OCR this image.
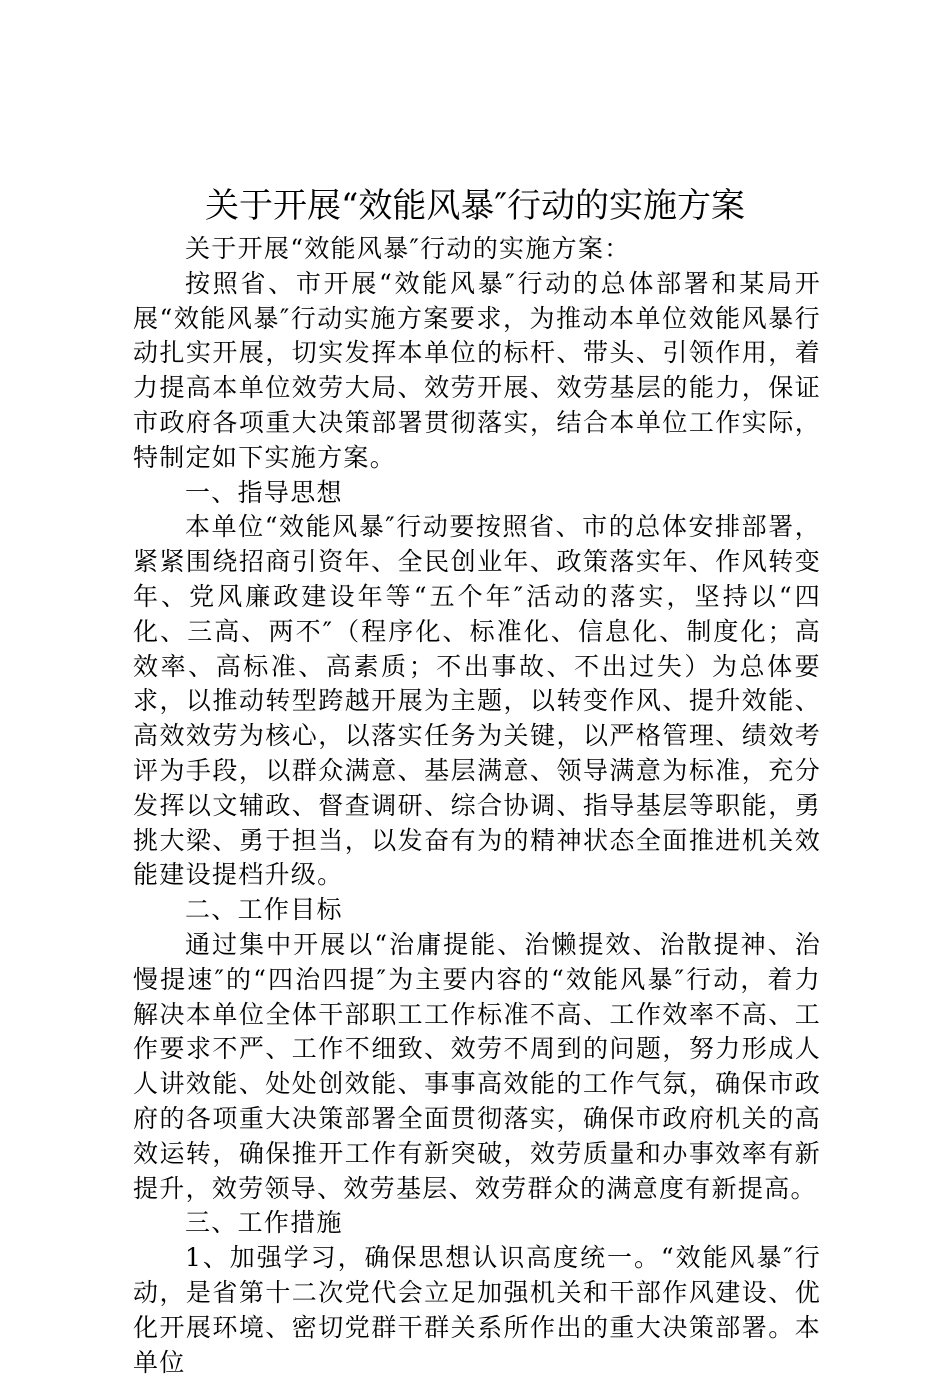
关于开展“效能风暴″行动的实施方案

关于开展“效能风暴″行动的实施方案：

按照省、市开展“效能风暴″行动的总体部署和某局开展“效能风暴″行动实施方案要求，为推动本单位效能风暴行动扎实开展，切实发挥本单位的标杆、带头、引领作用，着力提高本单位效劳大局、效劳开展、效劳基层的能力，保证市政府各项重大决策部署贯彻落实，结合本单位工作实际，特制定如下实施方案。

一、指导思想

本单位“效能风暴″行动要按照省、市的总体安排部署，紧紧围绕招商引资年、全民创业年、政策落实年、作风转变年、党风廉政建设年等“五个年″活动的落实，坚持以“四化、三高、两不″（程序化、标准化、信息化、制度化；高效率、高标准、高素质；不出事故、不出过失）为总体要求，以推动转型跨越开展为主题，以转变作风、提升效能、高效效劳为核心，以落实任务为关键，以严格管理、绩效考评为手段，以群众满意、基层满意、领导满意为标准，充分发挥以文辅政、督查调研、综合协调、指导基层等职能，勇挑大梁、勇于担当，以发奋有为的精神状态全面推进机关效能建设提档升级。

二、工作目标

通过集中开展以“治庸提能、治懒提效、治散提神、治慢提速″的“四治四提″为主要内容的“效能风暴″行动，着力解决本单位全体干部职工工作标准不高、工作效率不高、工作要求不严、工作不细致、效劳不周到的问题，努力形成人人讲效能、处处创效能、事事高效能的工作气氛，确保市政府的各项重大决策部署全面贯彻落实，确保市政府机关的高效运转，确保推开工作有新突破，效劳质量和办事效率有新提升，效劳领导、效劳基层、效劳群众的满意度有新提高。

三、工作措施

1、加强学习，确保思想认识高度统一。“效能风暴″行动，是省第十二次党代会立足加强机关和干部作风建设、优化开展环境、密切党群干群关系所作出的重大决策部署。本单位
